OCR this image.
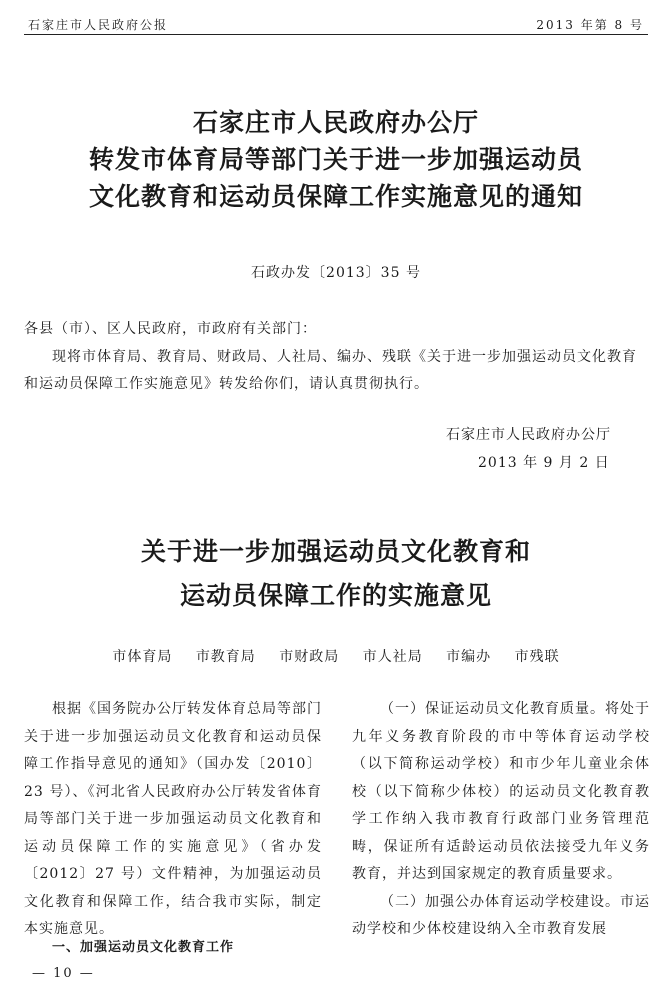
石家庄市人民政府公报	2013 年第 8 号
石家庄市人民政府办公厅
转发市体育局等部门关于进一步加强运动员
文化教育和运动员保障工作实施意见的通知
石政办发〔2013〕35 号
各县（市）、区人民政府，市政府有关部门：
现将市体育局、教育局、财政局、人社局、编办、残联《关于进一步加强运动员文化教育和运动员保障工作实施意见》转发给你们，请认真贯彻执行。
石家庄市人民政府办公厅
2013 年 9 月 2 日
关于进一步加强运动员文化教育和
运动员保障工作的实施意见
市体育局 市教育局 市财政局 市人社局 市编办 市残联
根据《国务院办公厅转发体育总局等部门关于进一步加强运动员文化教育和运动员保障工作指导意见的通知》（国办发〔2010〕23 号）、《河北省人民政府办公厅转发省体育局等部门关于进一步加强运动员文化教育和运动员保障工作的实施意见》（省办发〔2012〕27 号）文件精神，为加强运动员文化教育和保障工作，结合我市实际，制定本实施意见。
一、加强运动员文化教育工作

（一）保证运动员文化教育质量。将处于九年义务教育阶段的市中等体育运动学校（以下简称运动学校）和市少年儿童业余体校（以下简称少体校）的运动员文化教育教学工作纳入我市教育行政部门业务管理范畴，保证所有适龄运动员依法接受九年义务教育，并达到国家规定的教育质量要求。

（二）加强公办体育运动学校建设。市运动学校和少体校建设纳入全市教育发展

— 10 —
